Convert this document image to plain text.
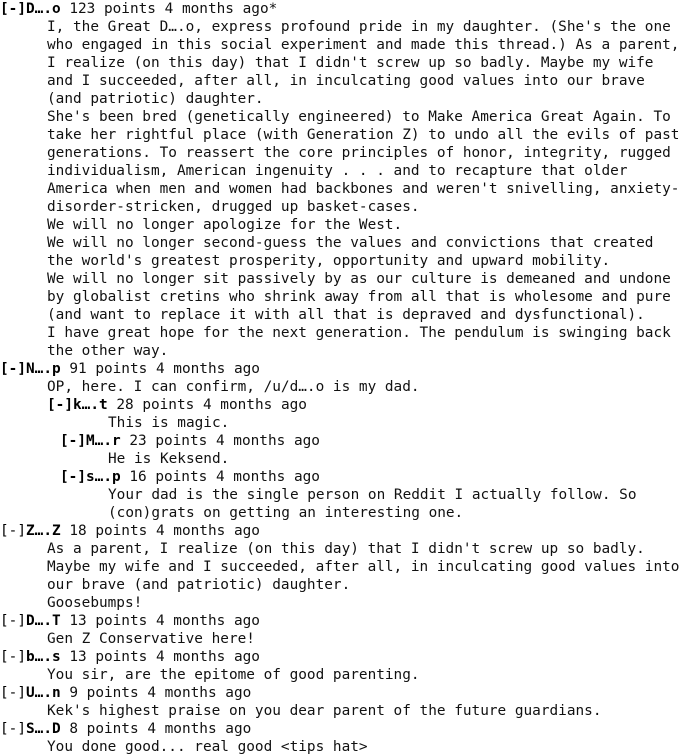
[-]D….o 123 points 4 months ago*

I, the Great D….o, express profound pride in my daughter. (She's the one who engaged in this social experiment and made this thread.) As a parent, I realize (on this day) that I didn't screw up so badly. Maybe my wife and I succeeded, after all, in inculcating good values into our brave (and patriotic) daughter.

She's been bred (genetically engineered) to Make America Great Again. To take her rightful place (with Generation Z) to undo all the evils of past generations. To reassert the core principles of honor, integrity, rugged individualism, American ingenuity . . . and to recapture that older America when men and women had backbones and weren't snivelling, anxiety-disorder-stricken, drugged up basket-cases.

We will no longer apologize for the West.

We will no longer second-guess the values and convictions that created the world's greatest prosperity, opportunity and upward mobility.

We will no longer sit passively by as our culture is demeaned and undone by globalist cretins who shrink away from all that is wholesome and pure (and want to replace it with all that is depraved and dysfunctional).

I have great hope for the next generation. The pendulum is swinging back the other way.

[-]N….p 91 points 4 months ago

OP, here. I can confirm, /u/d….o is my dad.

[-]k….t 28 points 4 months ago

This is magic.

[-]M….r 23 points 4 months ago

He is Keksend.

[-]s….p 16 points 4 months ago

Your dad is the single person on Reddit I actually follow. So (con)grats on getting an interesting one.

[-]Z….Z 18 points 4 months ago

As a parent, I realize (on this day) that I didn't screw up so badly. Maybe my wife and I succeeded, after all, in inculcating good values into our brave (and patriotic) daughter.

Goosebumps!

[-]D….T 13 points 4 months ago

Gen Z Conservative here!

[-]b….s 13 points 4 months ago

You sir, are the epitome of good parenting.

[-]U….n 9 points 4 months ago

Kek's highest praise on you dear parent of the future guardians.

[-]S….D 8 points 4 months ago

You done good... real good <tips hat>
